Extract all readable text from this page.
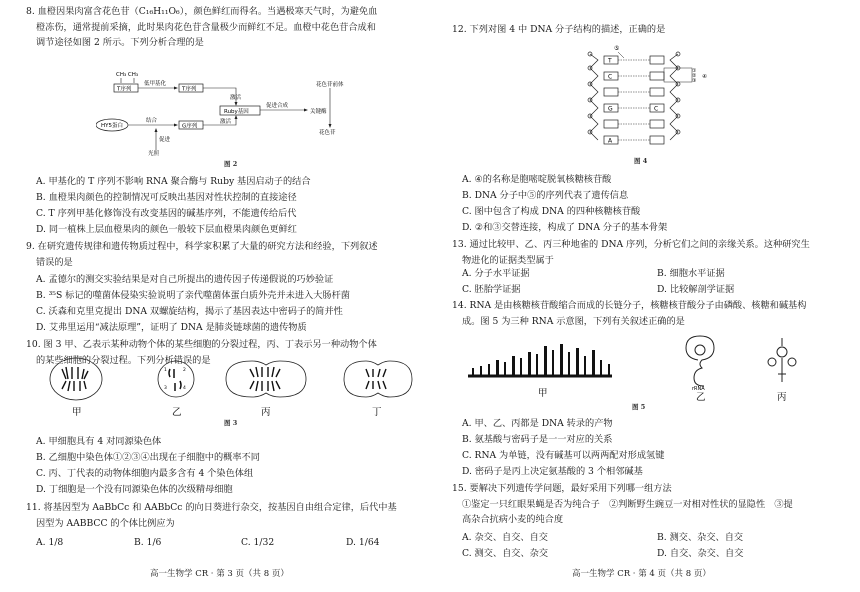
8. 血橙因果肉富含花色苷（C₁₆H₁₁O₆），颜色鲜红而得名。当遇极寒天气时，为避免血
橙冻伤，通常提前采摘，此时果肉花色苷含量极少而鲜红不足。血橙中花色苷合成和
调节途径如图 2 所示。下列分析合理的是
CH₃ CH₃
T序列
低甲基化
T序列
激活
Ruby基因
促进合成
花色苷前体
关键酶
花色苷
HY5蛋白
结合
G序列
激活
促进
光照
图 2
A. 甲基化的 T 序列不影响 RNA 聚合酶与 Ruby 基因启动子的结合
B. 血橙果肉颜色的控制情况可反映出基因对性状控制的直接途径
C. T 序列甲基化修饰没有改变基因的碱基序列，不能遗传给后代
D. 同一植株上层血橙果肉的颜色一般较下层血橙果肉颜色更鲜红
9. 在研究遗传规律和遗传物质过程中，科学家积累了大量的研究方法和经验，下列叙述
错误的是
A. 孟德尔的测交实验结果是对自己所提出的遗传因子传递假说的巧妙验证
B. ³⁵S 标记的噬菌体侵染实验说明了亲代噬菌体蛋白质外壳并未进入大肠杆菌
C. 沃森和克里克提出 DNA 双螺旋结构，揭示了基因表达中密码子的简并性
D. 艾弗里运用“减法原理”，证明了 DNA 是肺炎链球菌的遗传物质
10. 图 3 甲、乙表示某种动物个体的某些细胞的分裂过程，丙、丁表示另一种动物个体
的某些细胞的分裂过程。下列分析错误的是
甲
1	2
3	4
乙	丙	丁
图 3
A. 甲细胞具有 4 对同源染色体
B. 乙细胞中染色体①②③④出现在子细胞中的概率不同
C. 丙、丁代表的动物体细胞内最多含有 4 个染色体组
D. 丁细胞是一个没有同源染色体的次级精母细胞
11. 将基因型为 AaBbCc 和 AABbCc 的向日葵进行杂交，按基因自由组合定律，后代中基
因型为 AABBCC 的个体比例应为
A. 1/8	B. 1/6	C. 1/32	D. 1/64
高一生物学 CR · 第 3 页（共 8 页）
12. 下列对图 4 中 DNA 分子结构的描述，正确的是
⑤
T
C
G
A
C
①
②
③
④
图 4
A. ④的名称是胞嘧啶脱氧核糖核苷酸
B. DNA 分子中⑤的序列代表了遗传信息
C. 图中包含了构成 DNA 的四种核糖核苷酸
D. ②和③交替连接，构成了 DNA 分子的基本骨架
13. 通过比较甲、乙、丙三种地雀的 DNA 序列，分析它们之间的亲缘关系。这种研究生
物进化的证据类型属于
A. 分子水平证据	B. 细胞水平证据
C. 胚胎学证据	D. 比较解剖学证据
14. RNA 是由核糖核苷酸缩合而成的长链分子，核糖核苷酸分子由磷酸、核糖和碱基构
成。图 5 为三种 RNA 示意图，下列有关叙述正确的是
甲	rRNA
乙	丙
图 5
A. 甲、乙、丙都是 DNA 转录的产物
B. 氨基酸与密码子是一一对应的关系
C. RNA 为单链，没有碱基可以两两配对形成氢键
D. 密码子是丙上决定氨基酸的 3 个相邻碱基
15. 要解决下列遗传学问题，最好采用下列哪一组方法
①鉴定一只红眼果蝇是否为纯合子　②判断野生豌豆一对相对性状的显隐性　③提
高杂合抗病小麦的纯合度
A. 杂交、自交、自交	B. 测交、杂交、自交
C. 测交、自交、杂交	D. 自交、杂交、自交
高一生物学 CR · 第 4 页（共 8 页）
